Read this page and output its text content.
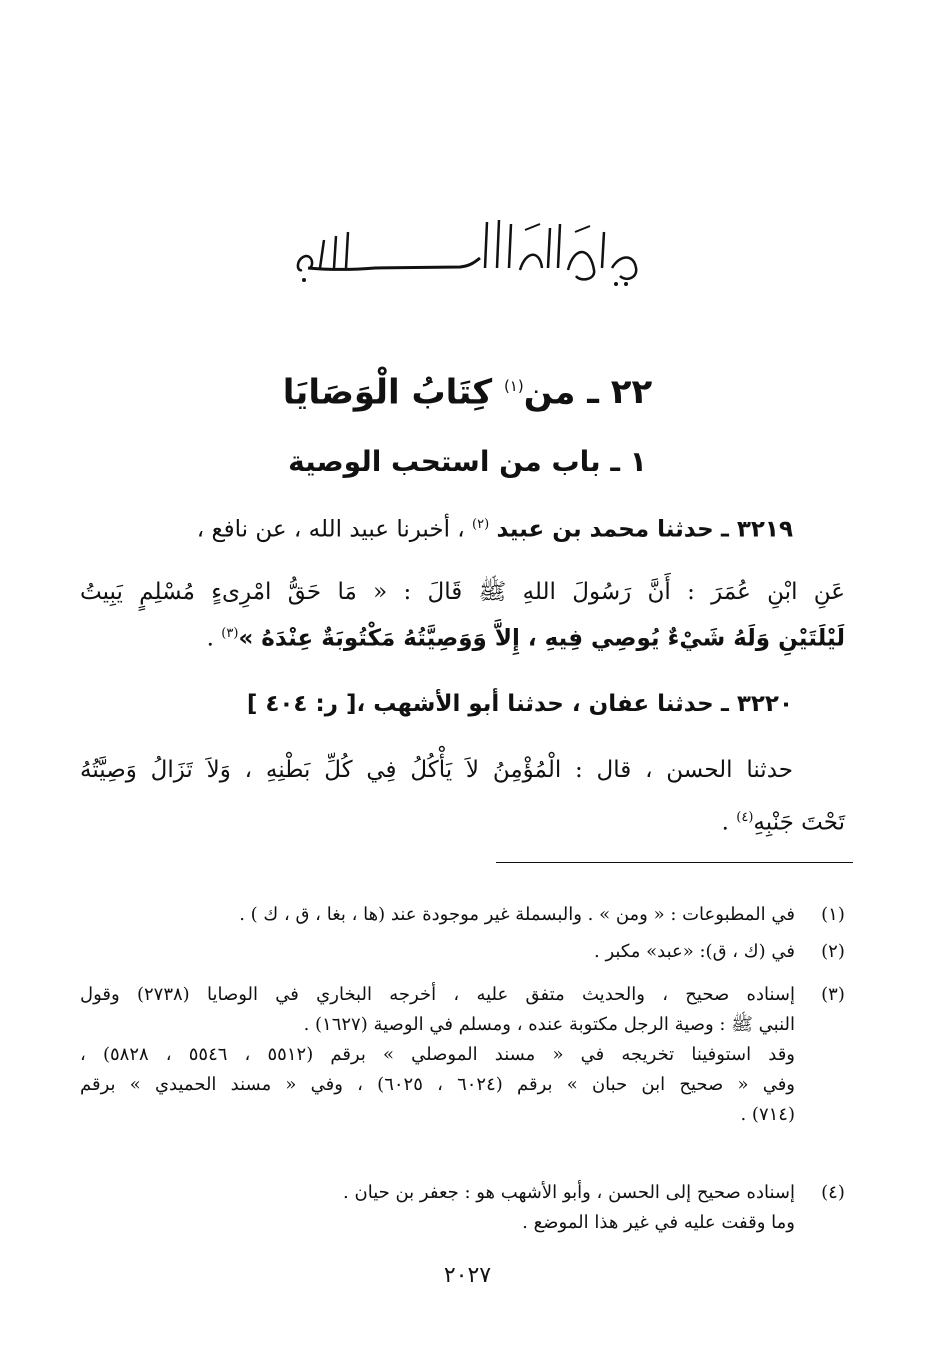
٢٢ ـ من$^{(١)}$ كِتَابُ الْوَصَايَا
١ ـ باب من استحب الوصية
٣٢١٩ ـ حدثنا محمد بن عبيد $^{(٢)}$ ، أخبرنا عبيد الله ، عن نافع ،
عَنِ ابْنِ عُمَرَ : أَنَّ رَسُولَ اللهِ ﷺ قَالَ : « مَا حَقُّ امْرِىءٍ مُسْلِمٍ يَبِيتُ
لَيْلَتَيْنِ وَلَهُ شَيْءٌ يُوصِي فِيهِ ، إِلاَّ وَوَصِيَّتُهُ مَكْتُوبَةٌ عِنْدَهُ »$^{(٣)}$ .
٣٢٢٠ ـ حدثنا عفان ، حدثنا أبو الأشهب ،[ ر: ٤٠٤ ]
حدثنا الحسن ، قال : الْمُؤْمِنُ لاَ يَأْكُلُ فِي كُلِّ بَطْنِهِ ، وَلاَ تَزَالُ وَصِيَّتُهُ
تَحْتَ جَنْبِهِ$^{(٤)}$ .
(١)
في المطبوعات : « ومن » . والبسملة غير موجودة عند (ها ، بغا ، ق ، ك ) .
(٢)
في (ك ، ق): «عبد» مكبر .
(٣)
إسناده صحيح ، والحديث متفق عليه ، أخرجه البخاري في الوصايا (٢٧٣٨) وقول
النبي ﷺ : وصية الرجل مكتوبة عنده ، ومسلم في الوصية (١٦٢٧) .
وقد استوفينا تخريجه في « مسند الموصلي » برقم (٥٥١٢ ، ٥٥٤٦ ، ٥٨٢٨) ،
وفي « صحيح ابن حبان » برقم (٦٠٢٤ ، ٦٠٢٥) ، وفي « مسند الحميدي » برقم
(٧١٤) .
(٤)
إسناده صحيح إلى الحسن ، وأبو الأشهب هو : جعفر بن حيان .
وما وقفت عليه في غير هذا الموضع .
٢٠٢٧
